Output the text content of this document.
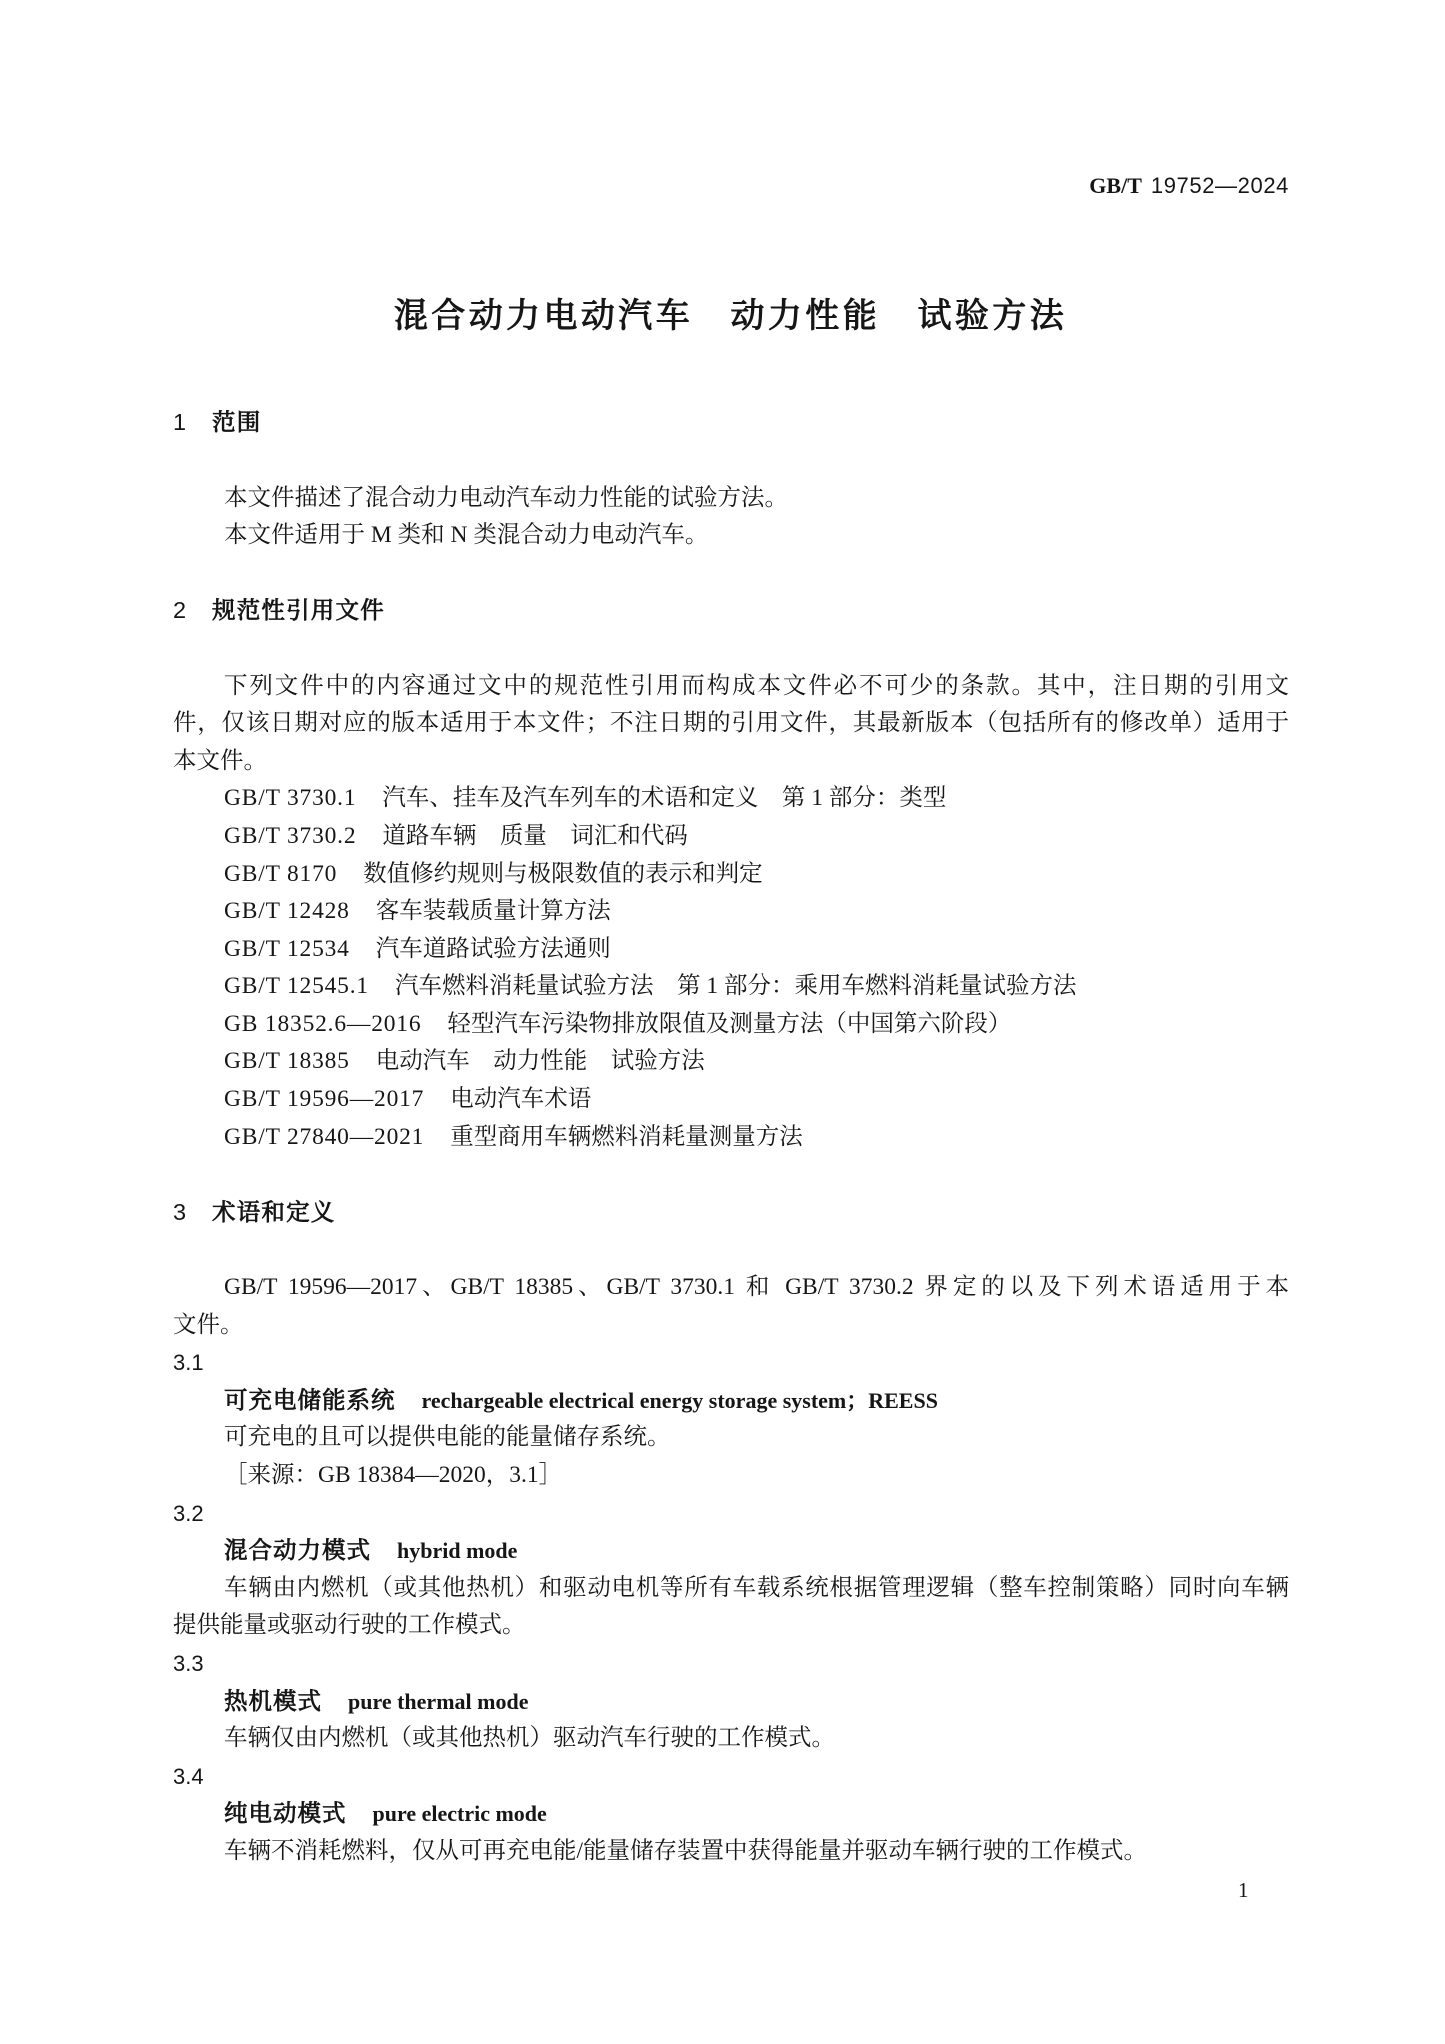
GB/T 19752—2024
混合动力电动汽车　动力性能　试验方法
1 范围
本文件描述了混合动力电动汽车动力性能的试验方法。
本文件适用于 M 类和 N 类混合动力电动汽车。
2 规范性引用文件
下列文件中的内容通过文中的规范性引用而构成本文件必不可少的条款。其中，注日期的引用文
件，仅该日期对应的版本适用于本文件；不注日期的引用文件，其最新版本（包括所有的修改单）适用于
本文件。
GB/T 3730.1 汽车、挂车及汽车列车的术语和定义　第 1 部分：类型
GB/T 3730.2 道路车辆　质量　词汇和代码
GB/T 8170 数值修约规则与极限数值的表示和判定
GB/T 12428 客车装载质量计算方法
GB/T 12534 汽车道路试验方法通则
GB/T 12545.1 汽车燃料消耗量试验方法　第 1 部分：乘用车燃料消耗量试验方法
GB 18352.6—2016 轻型汽车污染物排放限值及测量方法（中国第六阶段）
GB/T 18385 电动汽车　动力性能　试验方法
GB/T 19596—2017 电动汽车术语
GB/T 27840—2021 重型商用车辆燃料消耗量测量方法
3 术语和定义
GB/T 19596—2017、GB/T 18385、GB/T 3730.1 和 GB/T 3730.2 界定的以及下列术语适用于本
文件。
3.1
可充电储能系统 rechargeable electrical energy storage system；REESS
可充电的且可以提供电能的能量储存系统。
［来源：GB 18384—2020，3.1］
3.2
混合动力模式 hybrid mode
车辆由内燃机（或其他热机）和驱动电机等所有车载系统根据管理逻辑（整车控制策略）同时向车辆
提供能量或驱动行驶的工作模式。
3.3
热机模式 pure thermal mode
车辆仅由内燃机（或其他热机）驱动汽车行驶的工作模式。
3.4
纯电动模式 pure electric mode
车辆不消耗燃料，仅从可再充电能/能量储存装置中获得能量并驱动车辆行驶的工作模式。
1
